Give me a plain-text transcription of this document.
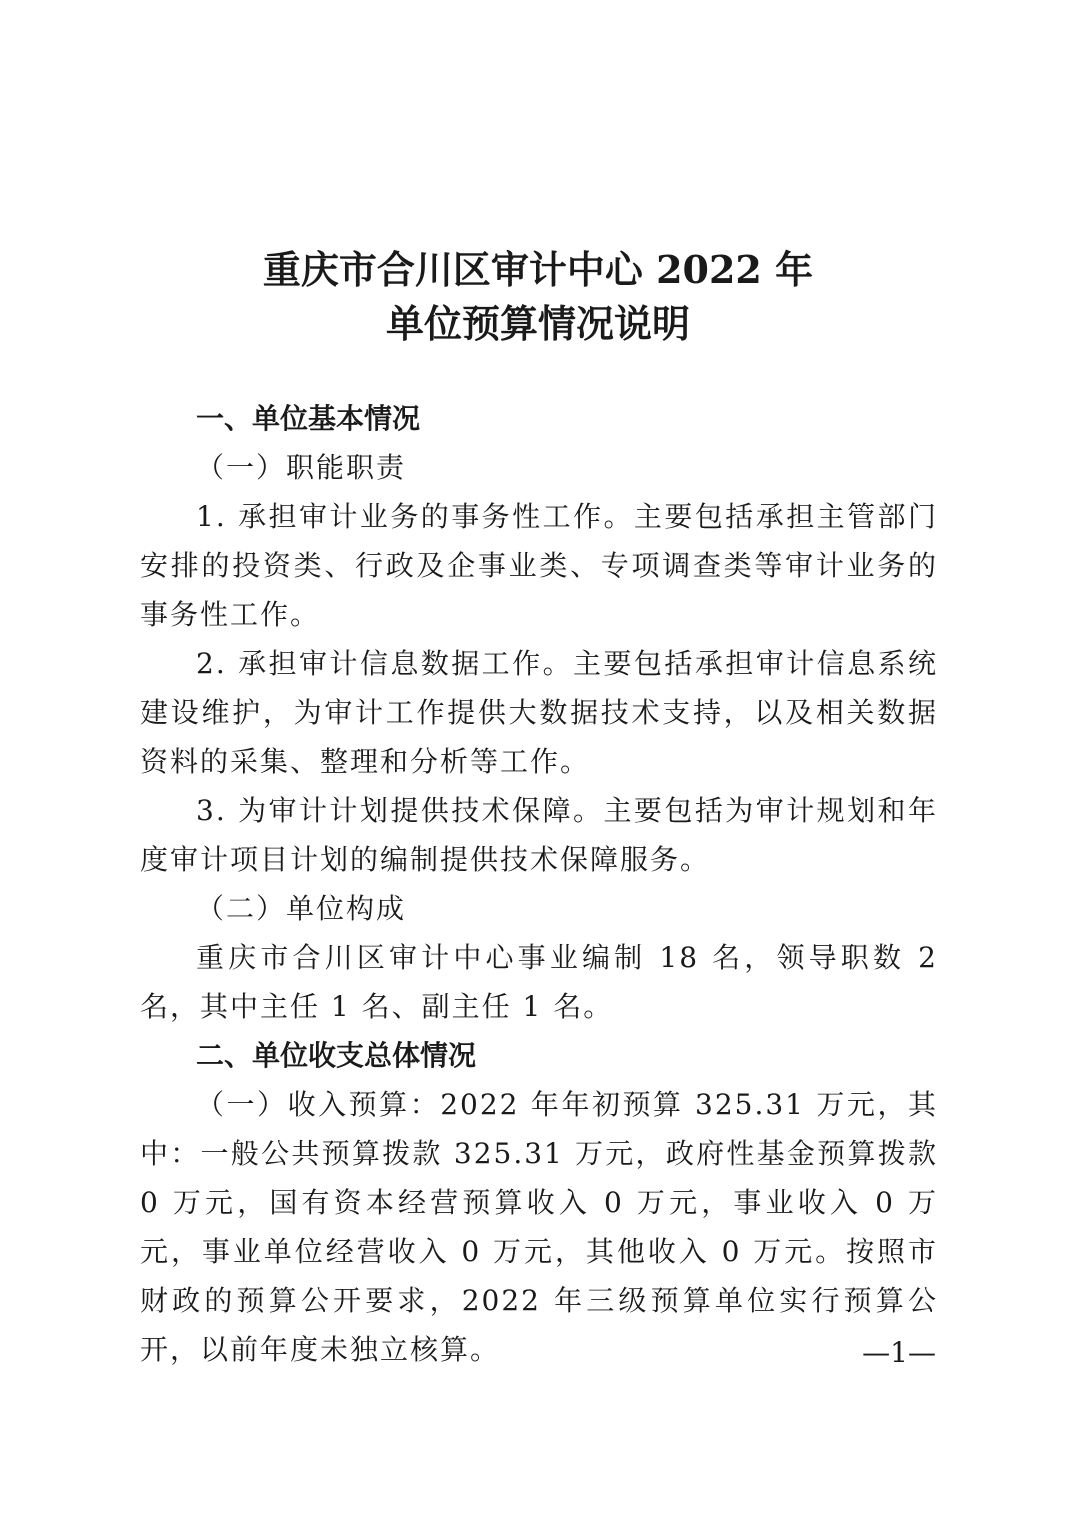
重庆市合川区审计中心 2022 年
单位预算情况说明

一、单位基本情况

（一）职能职责

1. 承担审计业务的事务性工作。主要包括承担主管部门安排的投资类、行政及企事业类、专项调查类等审计业务的事务性工作。

2. 承担审计信息数据工作。主要包括承担审计信息系统建设维护，为审计工作提供大数据技术支持，以及相关数据资料的采集、整理和分析等工作。

3. 为审计计划提供技术保障。主要包括为审计规划和年度审计项目计划的编制提供技术保障服务。

（二）单位构成

重庆市合川区审计中心事业编制 18 名，领导职数 2 名，其中主任 1 名、副主任 1 名。

二、单位收支总体情况

（一）收入预算：2022 年年初预算 325.31 万元，其中：一般公共预算拨款 325.31 万元，政府性基金预算拨款 0 万元，国有资本经营预算收入 0 万元，事业收入 0 万元，事业单位经营收入 0 万元，其他收入 0 万元。按照市财政的预算公开要求，2022 年三级预算单位实行预算公开，以前年度未独立核算。	—1—
